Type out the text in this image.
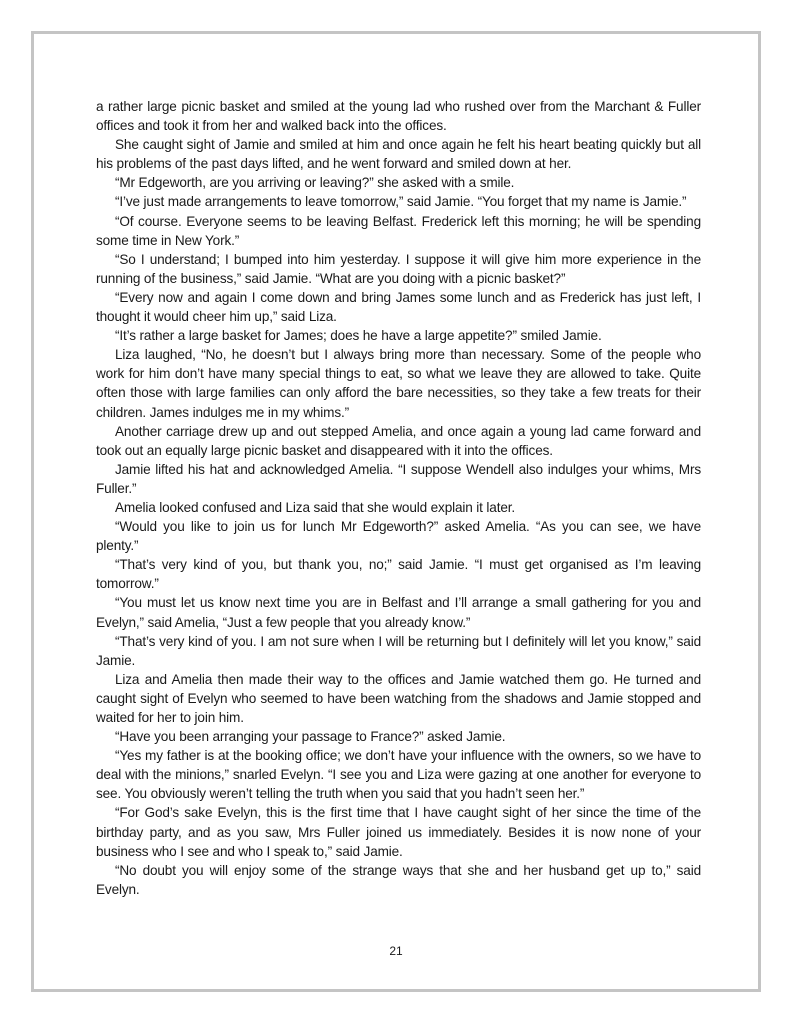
a rather large picnic basket and smiled at the young lad who rushed over from the Marchant & Fuller offices and took it from her and walked back into the offices.

She caught sight of Jamie and smiled at him and once again he felt his heart beating quickly but all his problems of the past days lifted, and he went forward and smiled down at her.

“Mr Edgeworth, are you arriving or leaving?” she asked with a smile.

“I’ve just made arrangements to leave tomorrow,” said Jamie. “You forget that my name is Jamie.”

“Of course. Everyone seems to be leaving Belfast. Frederick left this morning; he will be spending some time in New York.”

“So I understand; I bumped into him yesterday. I suppose it will give him more experience in the running of the business,” said Jamie. “What are you doing with a picnic basket?”

“Every now and again I come down and bring James some lunch and as Frederick has just left, I thought it would cheer him up,” said Liza.

“It’s rather a large basket for James; does he have a large appetite?” smiled Jamie.

Liza laughed, “No, he doesn’t but I always bring more than necessary. Some of the people who work for him don’t have many special things to eat, so what we leave they are allowed to take. Quite often those with large families can only afford the bare necessities, so they take a few treats for their children. James indulges me in my whims.”

Another carriage drew up and out stepped Amelia, and once again a young lad came forward and took out an equally large picnic basket and disappeared with it into the offices.

Jamie lifted his hat and acknowledged Amelia. “I suppose Wendell also indulges your whims, Mrs Fuller.”

Amelia looked confused and Liza said that she would explain it later.

“Would you like to join us for lunch Mr Edgeworth?” asked Amelia. “As you can see, we have plenty.”

“That’s very kind of you, but thank you, no;” said Jamie. “I must get organised as I’m leaving tomorrow.”

“You must let us know next time you are in Belfast and I’ll arrange a small gathering for you and Evelyn,” said Amelia, “Just a few people that you already know.”

“That’s very kind of you. I am not sure when I will be returning but I definitely will let you know,” said Jamie.

Liza and Amelia then made their way to the offices and Jamie watched them go. He turned and caught sight of Evelyn who seemed to have been watching from the shadows and Jamie stopped and waited for her to join him.

“Have you been arranging your passage to France?” asked Jamie.

“Yes my father is at the booking office; we don’t have your influence with the owners, so we have to deal with the minions,” snarled Evelyn. “I see you and Liza were gazing at one another for everyone to see. You obviously weren’t telling the truth when you said that you hadn’t seen her.”

“For God’s sake Evelyn, this is the first time that I have caught sight of her since the time of the birthday party, and as you saw, Mrs Fuller joined us immediately. Besides it is now none of your business who I see and who I speak to,” said Jamie.

“No doubt you will enjoy some of the strange ways that she and her husband get up to,” said Evelyn.

21
